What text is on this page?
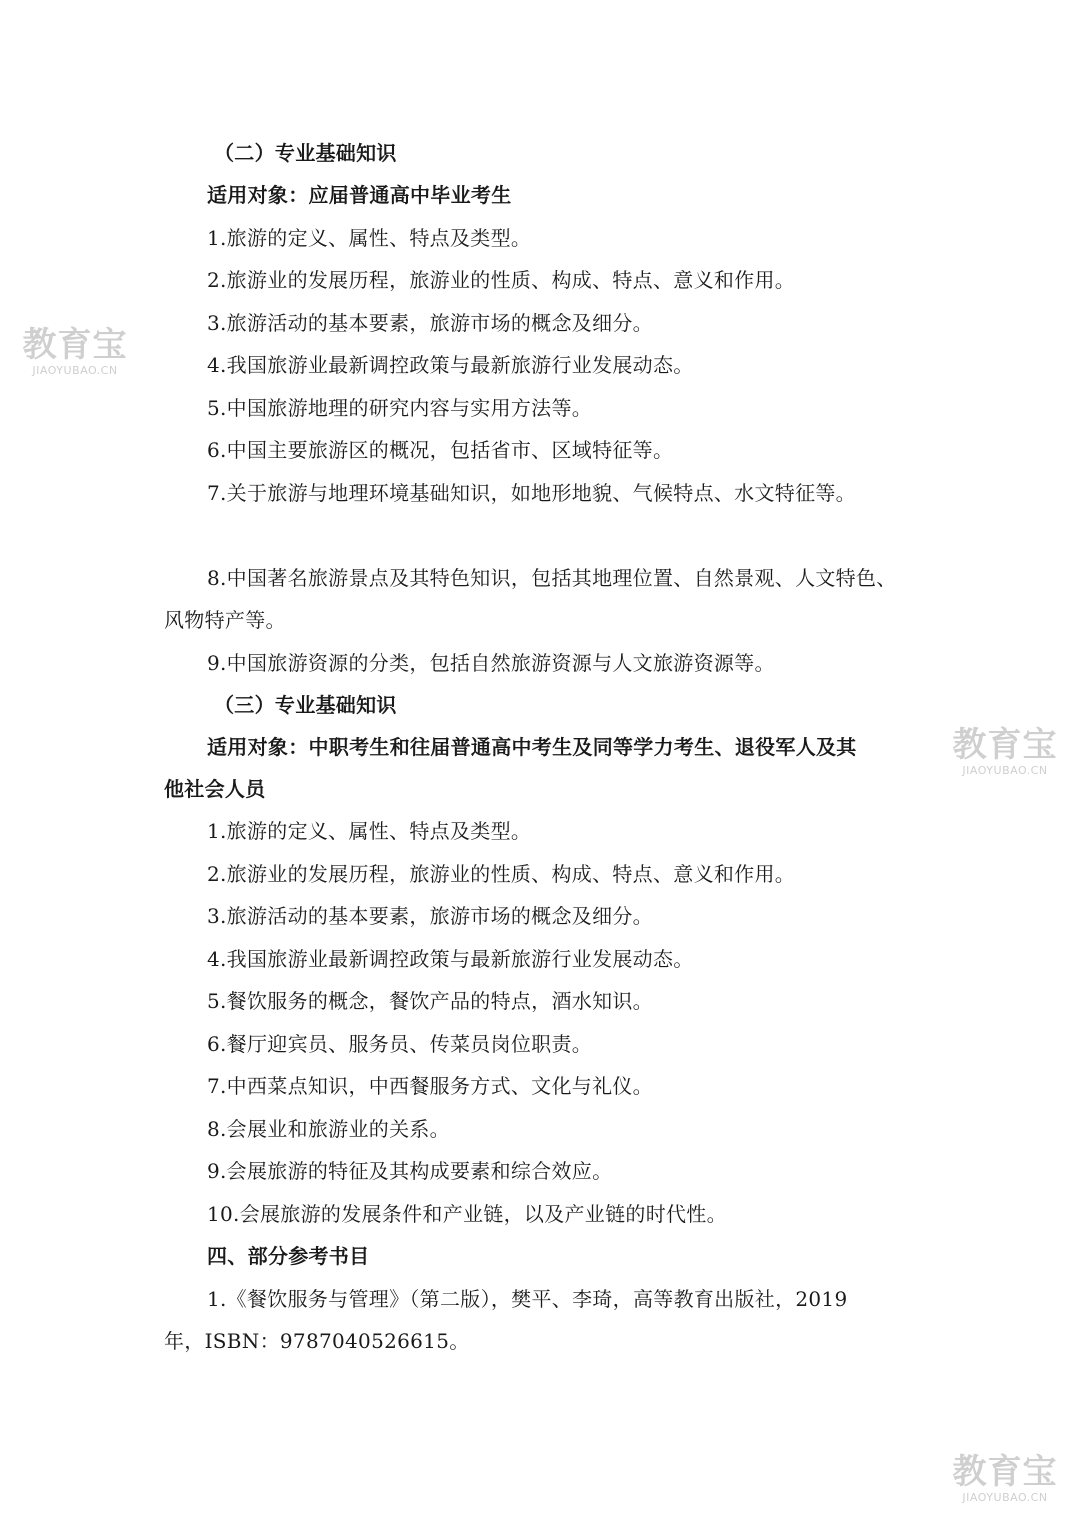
（二）专业基础知识
适用对象：应届普通高中毕业考生
1.旅游的定义、属性、特点及类型。
2.旅游业的发展历程，旅游业的性质、构成、特点、意义和作用。
3.旅游活动的基本要素，旅游市场的概念及细分。
4.我国旅游业最新调控政策与最新旅游行业发展动态。
5.中国旅游地理的研究内容与实用方法等。
6.中国主要旅游区的概况，包括省市、区域特征等。
7.关于旅游与地理环境基础知识，如地形地貌、气候特点、水文特征等。
8.中国著名旅游景点及其特色知识，包括其地理位置、自然景观、人文特色、
风物特产等。
9.中国旅游资源的分类，包括自然旅游资源与人文旅游资源等。
（三）专业基础知识
适用对象：中职考生和往届普通高中考生及同等学力考生、退役军人及其
他社会人员
1.旅游的定义、属性、特点及类型。
2.旅游业的发展历程，旅游业的性质、构成、特点、意义和作用。
3.旅游活动的基本要素，旅游市场的概念及细分。
4.我国旅游业最新调控政策与最新旅游行业发展动态。
5.餐饮服务的概念，餐饮产品的特点，酒水知识。
6.餐厅迎宾员、服务员、传菜员岗位职责。
7.中西菜点知识，中西餐服务方式、文化与礼仪。
8.会展业和旅游业的关系。
9.会展旅游的特征及其构成要素和综合效应。
10.会展旅游的发展条件和产业链，以及产业链的时代性。
四、部分参考书目
1.《餐饮服务与管理》（第二版），樊平、李琦，高等教育出版社，2019
年，ISBN：9787040526615。
教育宝
JIAOYUBAO.CN
教育宝
JIAOYUBAO.CN
教育宝
JIAOYUBAO.CN
